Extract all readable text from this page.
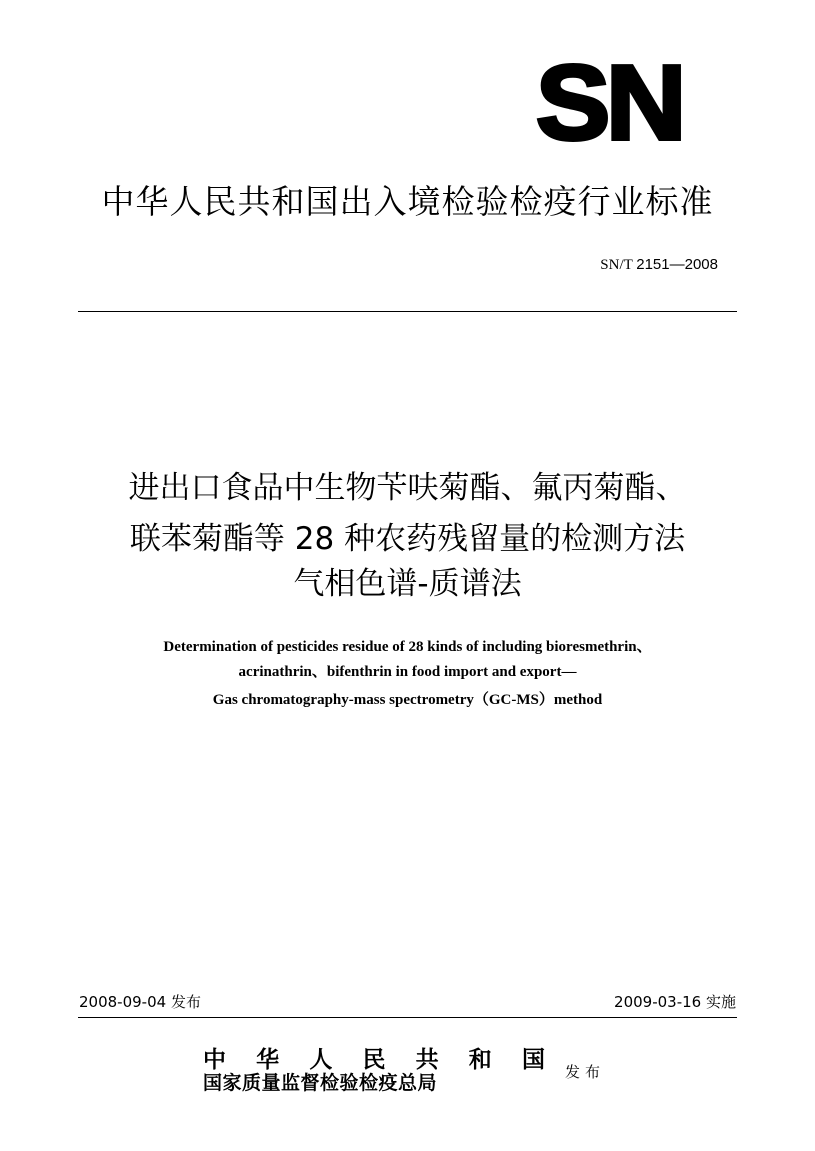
SN
中华人民共和国出入境检验检疫行业标准
SN/T 2151—2008
进出口食品中生物苄呋菊酯、氟丙菊酯、
联苯菊酯等 28 种农药残留量的检测方法
气相色谱-质谱法
Determination of pesticides residue of 28 kinds of including bioresmethrin、
acrinathrin、bifenthrin in food import and export—
Gas chromatography-mass spectrometry（GC-MS）method
2008-09-04 发布	2009-03-16 实施
中 华 人 民 共 和 国
国家质量监督检验检疫总局	发布
